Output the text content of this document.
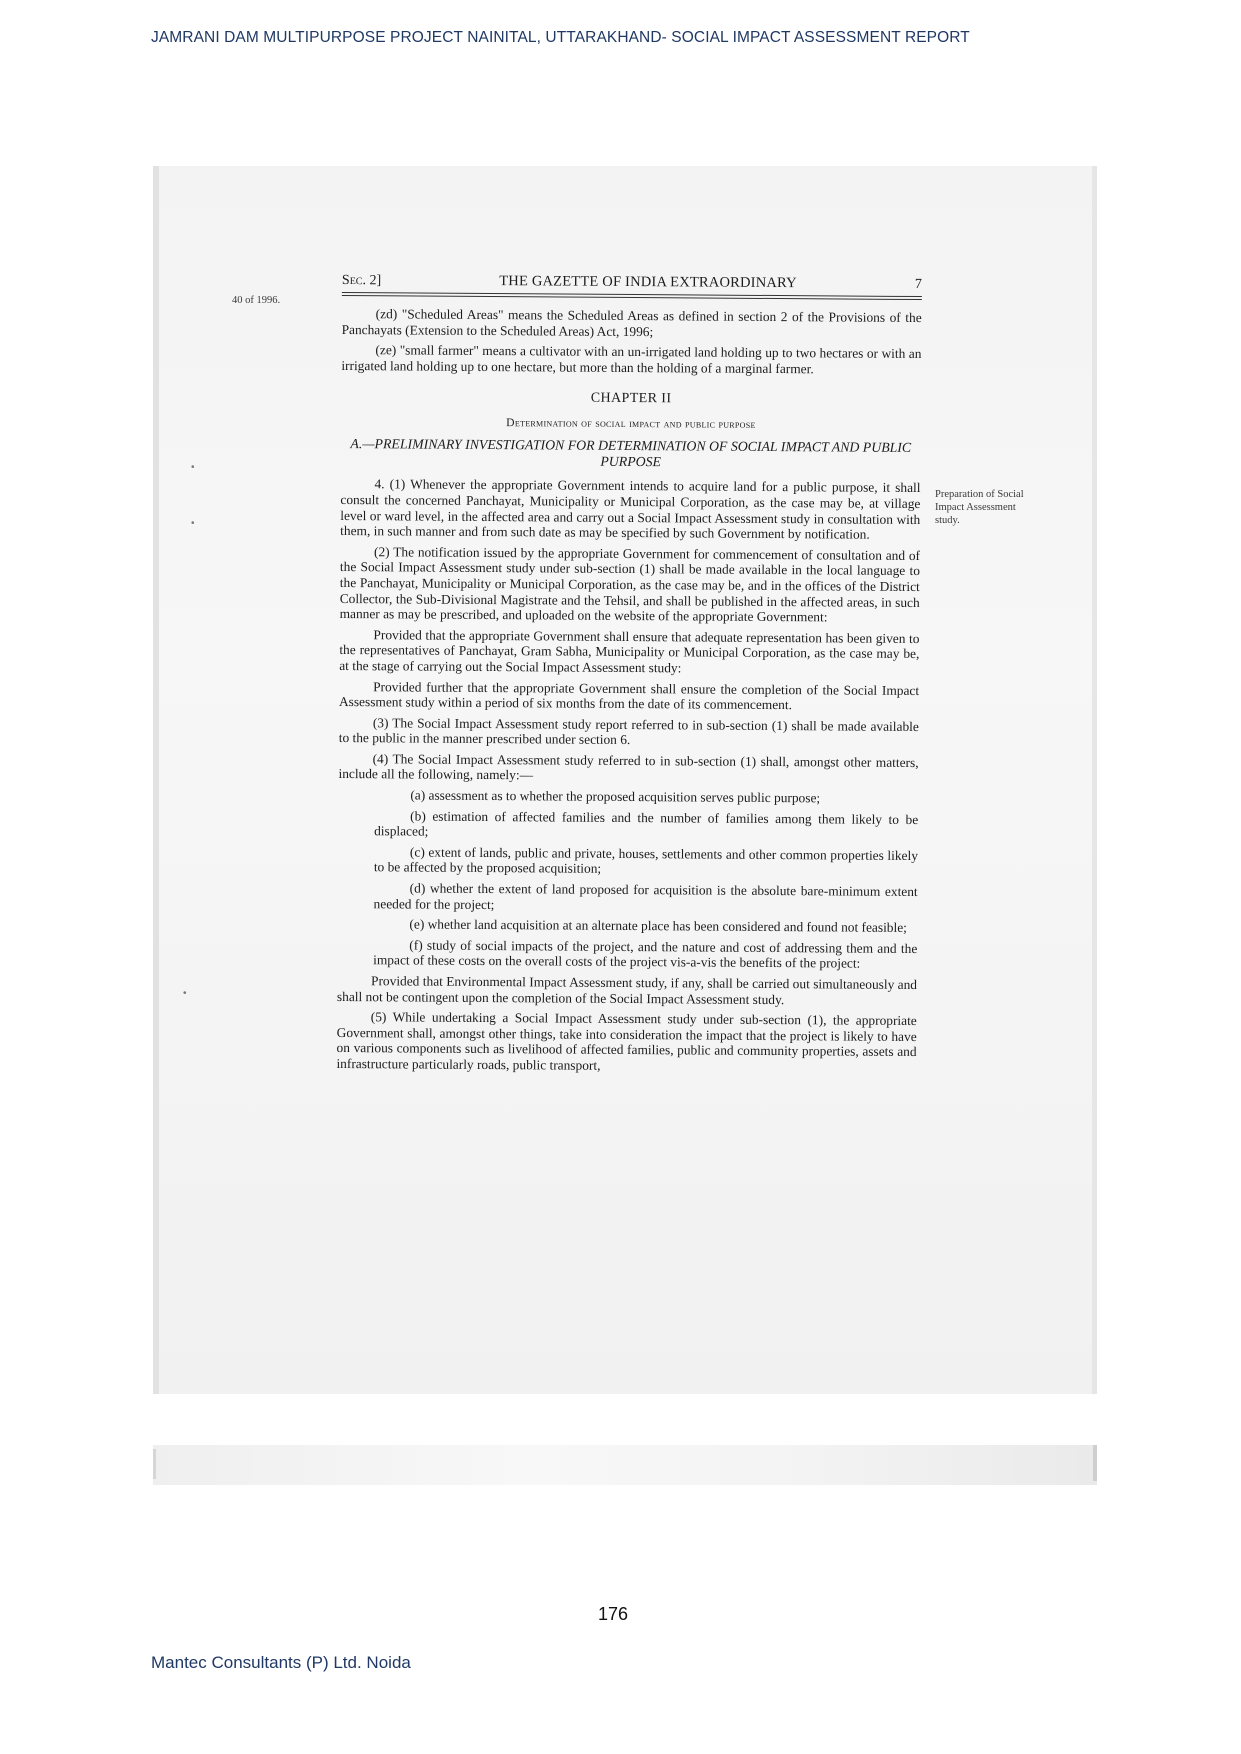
JAMRANI DAM MULTIPURPOSE PROJECT NAINITAL, UTTARAKHAND- SOCIAL IMPACT ASSESSMENT REPORT
40 of 1996.
Preparation of Social Impact Assessment study.
•
•
•
Sec. 2]	THE GAZETTE OF INDIA EXTRAORDINARY	7

(zd) "Scheduled Areas" means the Scheduled Areas as defined in section 2 of the Provisions of the Panchayats (Extension to the Scheduled Areas) Act, 1996;

(ze) "small farmer" means a cultivator with an un-irrigated land holding up to two hectares or with an irrigated land holding up to one hectare, but more than the holding of a marginal farmer.

CHAPTER II
Determination of social impact and public purpose
A.—PRELIMINARY INVESTIGATION FOR DETERMINATION OF SOCIAL IMPACT AND PUBLIC PURPOSE

4. (1) Whenever the appropriate Government intends to acquire land for a public purpose, it shall consult the concerned Panchayat, Municipality or Municipal Corporation, as the case may be, at village level or ward level, in the affected area and carry out a Social Impact Assessment study in consultation with them, in such manner and from such date as may be specified by such Government by notification.

(2) The notification issued by the appropriate Government for commencement of consultation and of the Social Impact Assessment study under sub-section (1) shall be made available in the local language to the Panchayat, Municipality or Municipal Corporation, as the case may be, and in the offices of the District Collector, the Sub-Divisional Magistrate and the Tehsil, and shall be published in the affected areas, in such manner as may be prescribed, and uploaded on the website of the appropriate Government:

Provided that the appropriate Government shall ensure that adequate representation has been given to the representatives of Panchayat, Gram Sabha, Municipality or Municipal Corporation, as the case may be, at the stage of carrying out the Social Impact Assessment study:

Provided further that the appropriate Government shall ensure the completion of the Social Impact Assessment study within a period of six months from the date of its commencement.

(3) The Social Impact Assessment study report referred to in sub-section (1) shall be made available to the public in the manner prescribed under section 6.

(4) The Social Impact Assessment study referred to in sub-section (1) shall, amongst other matters, include all the following, namely:—

(a) assessment as to whether the proposed acquisition serves public purpose;

(b) estimation of affected families and the number of families among them likely to be displaced;

(c) extent of lands, public and private, houses, settlements and other common properties likely to be affected by the proposed acquisition;

(d) whether the extent of land proposed for acquisition is the absolute bare-minimum extent needed for the project;

(e) whether land acquisition at an alternate place has been considered and found not feasible;

(f) study of social impacts of the project, and the nature and cost of addressing them and the impact of these costs on the overall costs of the project vis-a-vis the benefits of the project:

Provided that Environmental Impact Assessment study, if any, shall be carried out simultaneously and shall not be contingent upon the completion of the Social Impact Assessment study.

(5) While undertaking a Social Impact Assessment study under sub-section (1), the appropriate Government shall, amongst other things, take into consideration the impact that the project is likely to have on various components such as livelihood of affected families, public and community properties, assets and infrastructure particularly roads, public transport,

176
Mantec Consultants (P) Ltd. Noida
